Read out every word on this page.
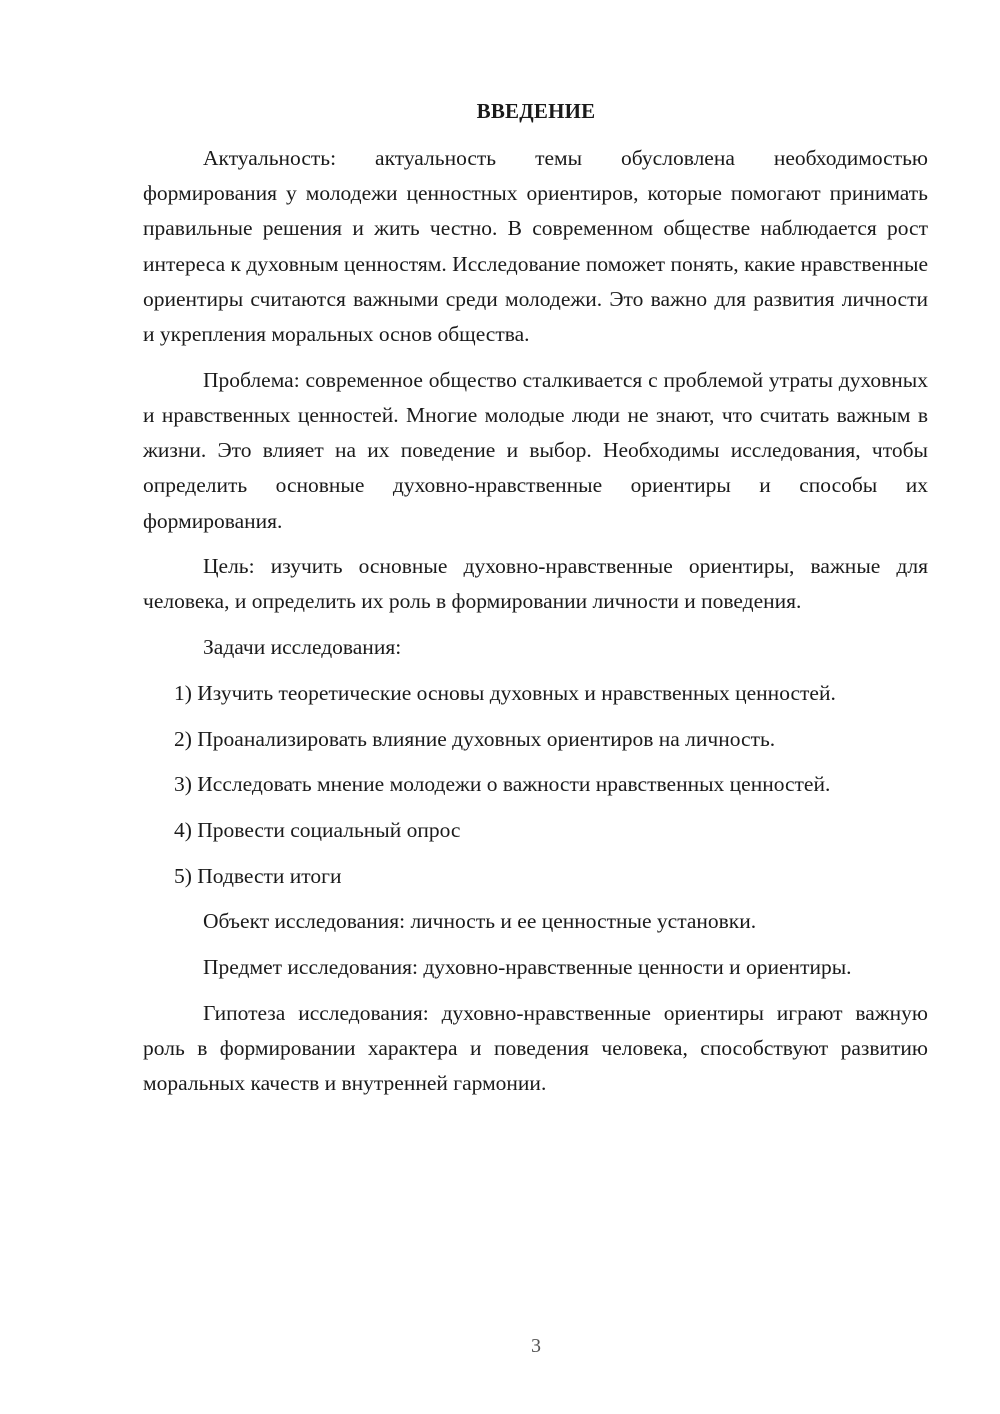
ВВЕДЕНИЕ

Актуальность: актуальность темы обусловлена необходимостью формирования у молодежи ценностных ориентиров, которые помогают принимать правильные решения и жить честно. В современном обществе наблюдается рост интереса к духовным ценностям. Исследование поможет понять, какие нравственные ориентиры считаются важными среди молодежи. Это важно для развития личности и укрепления моральных основ общества.

Проблема: современное общество сталкивается с проблемой утраты духовных и нравственных ценностей. Многие молодые люди не знают, что считать важным в жизни. Это влияет на их поведение и выбор. Необходимы исследования, чтобы определить основные духовно-нравственные ориентиры и способы их формирования.

Цель: изучить основные духовно-нравственные ориентиры, важные для человека, и определить их роль в формировании личности и поведения.

Задачи исследования:

1) Изучить теоретические основы духовных и нравственных ценностей.

2) Проанализировать влияние духовных ориентиров на личность.

3) Исследовать мнение молодежи о важности нравственных ценностей.

4) Провести социальный опрос

5) Подвести итоги

Объект исследования: личность и ее ценностные установки.

Предмет исследования: духовно-нравственные ценности и ориентиры.

Гипотеза исследования: духовно-нравственные ориентиры играют важную роль в формировании характера и поведения человека, способствуют развитию моральных качеств и внутренней гармонии.

3
